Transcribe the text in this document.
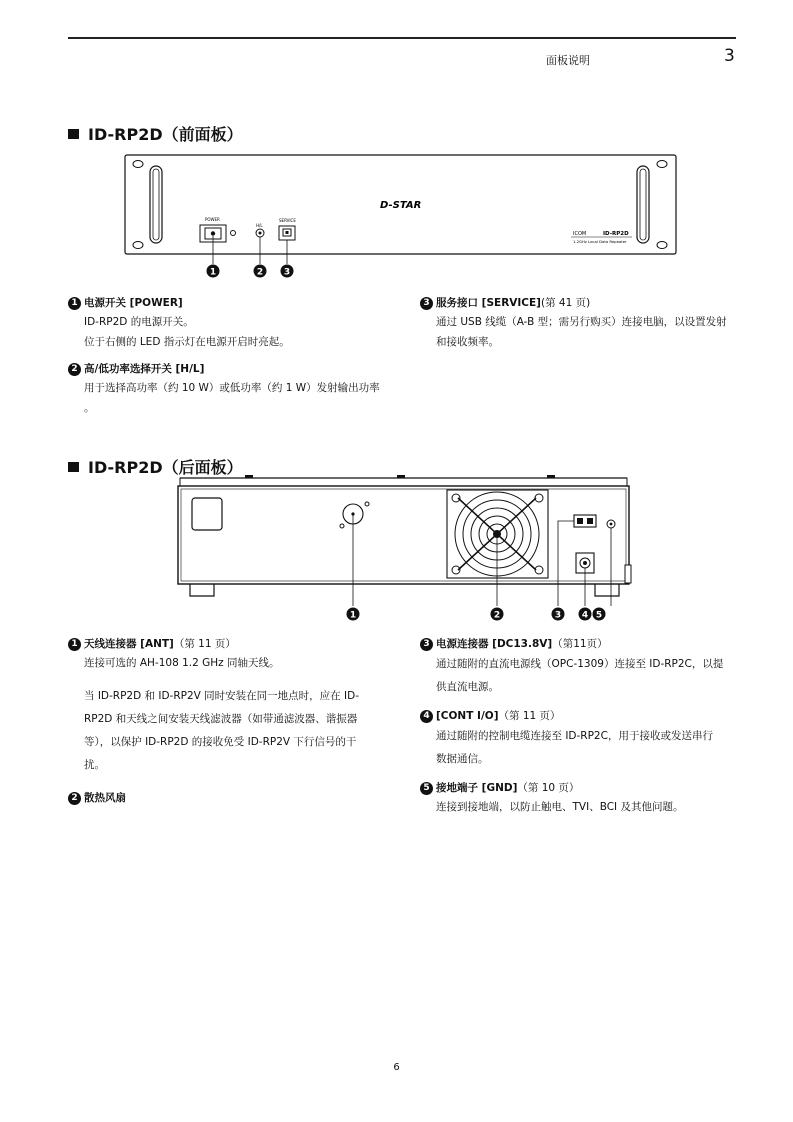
面板说明	3
ID-RP2D（前面板）
D-STAR
POWER
H/L
SERVICE
ICOM	ID-RP2D
1.2GHz Local Data Repeater
1	2 3
1 电源开关 [POWER]
ID-RP2D 的电源开关。
位于右侧的 LED 指示灯在电源开启时亮起。
2 高/低功率选择开关 [H/L]
用于选择高功率（约 10 W）或低功率（约 1 W）发射输出功率
。
3 服务接口 [SERVICE] (第 41 页)
通过 USB 线缆（A-B 型；需另行购买）连接电脑，以设置发射
和接收频率。
ID-RP2D（后面板）
1	2	3 4 5
1 天线连接器 [ANT] （第 11 页）
连接可选的 AH-108 1.2 GHz 同轴天线。
当 ID-RP2D 和 ID-RP2V 同时安装在同一地点时，应在 ID-
RP2D 和天线之间安装天线滤波器（如带通滤波器、谐振器
等），以保护 ID-RP2D 的接收免受 ID-RP2V 下行信号的干
扰。
2 散热风扇
3 电源连接器 [DC13.8V] （第11页）
通过随附的直流电源线（OPC-1309）连接至 ID-RP2C，以提
供直流电源。
4 [CONT I/O] （第 11 页）
通过随附的控制电缆连接至 ID-RP2C，用于接收或发送串行
数据通信。
5 接地端子 [GND] （第 10 页）
连接到接地端，以防止触电、TVI、BCI 及其他问题。
6
